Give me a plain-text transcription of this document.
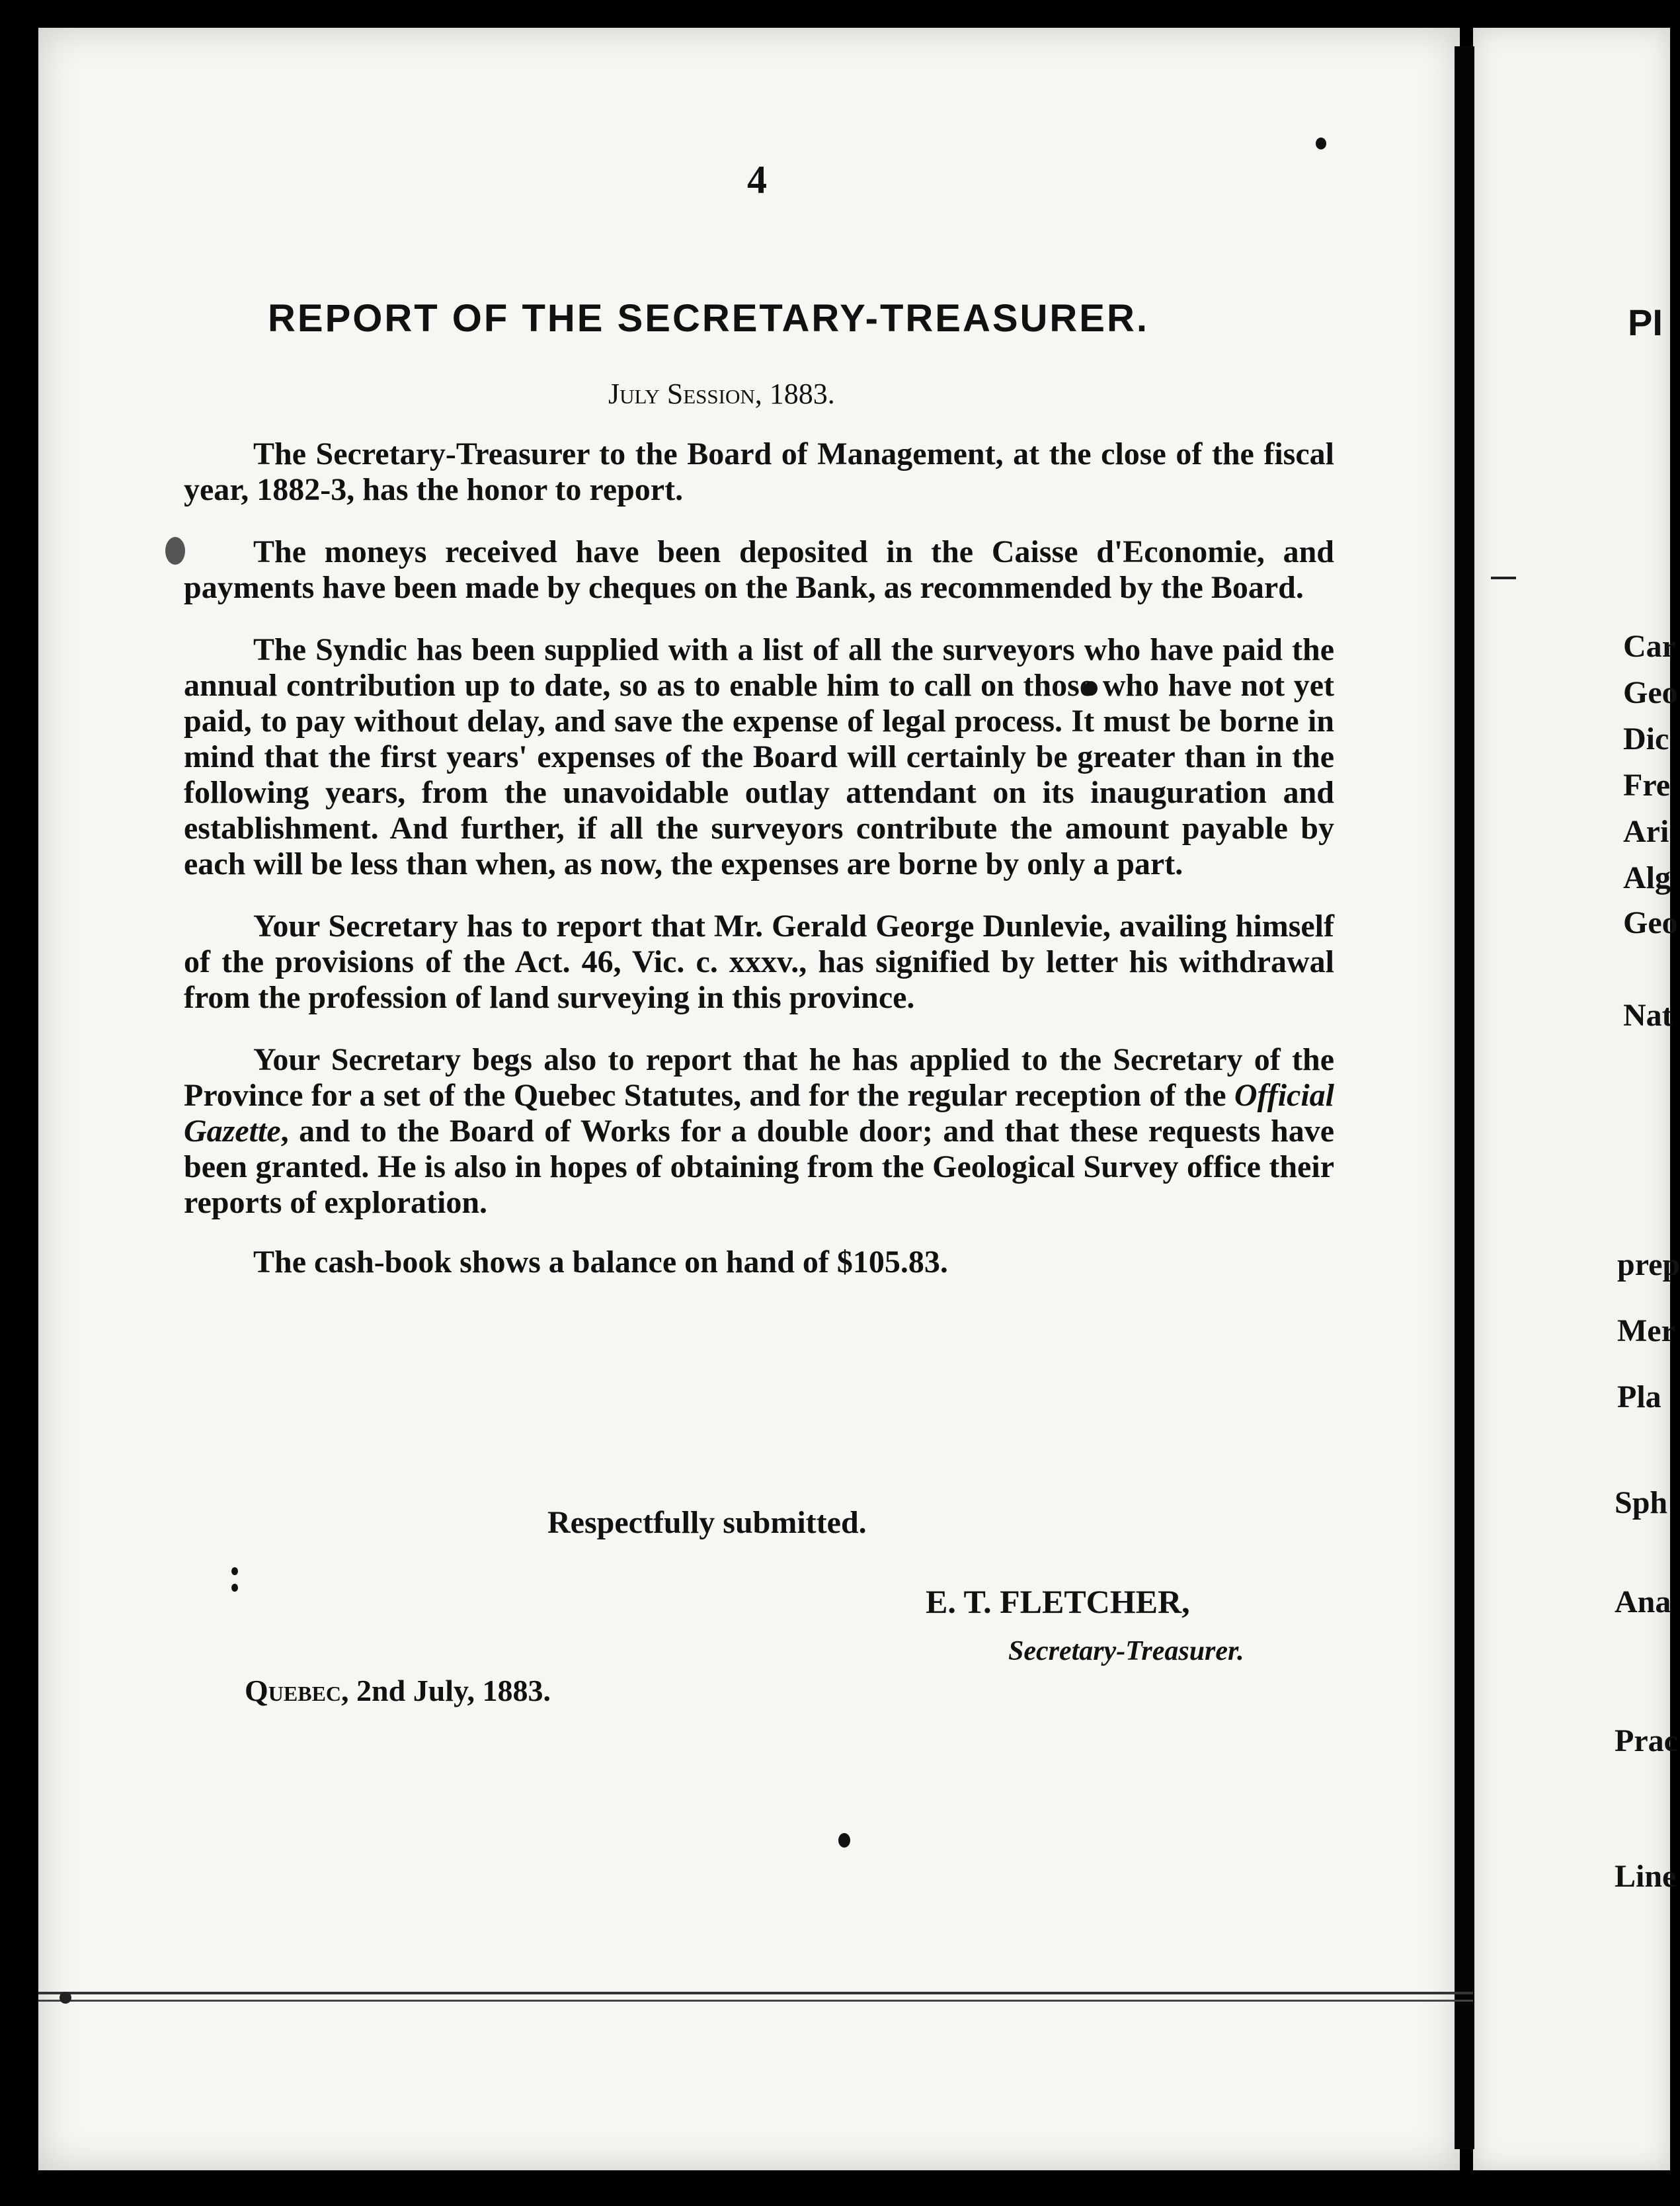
4
REPORT OF THE SECRETARY-TREASURER.
July Session, 1883.

The Secretary-Treasurer to the Board of Management, at the close of the fiscal year, 1882-3, has the honor to report.

The moneys received have been deposited in the Caisse d'Economie, and payments have been made by cheques on the Bank, as recommended by the Board.

The Syndic has been supplied with a list of all the surveyors who have paid the annual contribution up to date, so as to enable him to call on those who have not yet paid, to pay without delay, and save the expense of legal process. It must be borne in mind that the first years' expenses of the Board will certainly be greater than in the following years, from the unavoidable outlay attendant on its inauguration and establishment. And further, if all the surveyors contribute the amount payable by each will be less than when, as now, the expenses are borne by only a part.

Your Secretary has to report that Mr. Gerald George Dunlevie, availing himself of the provisions of the Act. 46, Vic. c. xxxv., has signified by letter his withdrawal from the profession of land surveying in this province.

Your Secretary begs also to report that he has applied to the Secretary of the Province for a set of the Quebec Statutes, and for the regular reception of the Official Gazette, and to the Board of Works for a double door; and that these requests have been granted. He is also in hopes of obtaining from the Geological Survey office their reports of exploration.

The cash-book shows a balance on hand of $105.83.

Respectfully submitted.
E. T. FLETCHER,
Secretary-Treasurer.
Quebec, 2nd July, 1883.
PI
Car
Geo
Dic
Fre
Ari
Alg
Geo
Nat
prep
Mer
Pla
Sph
Ana
Prac
Line
